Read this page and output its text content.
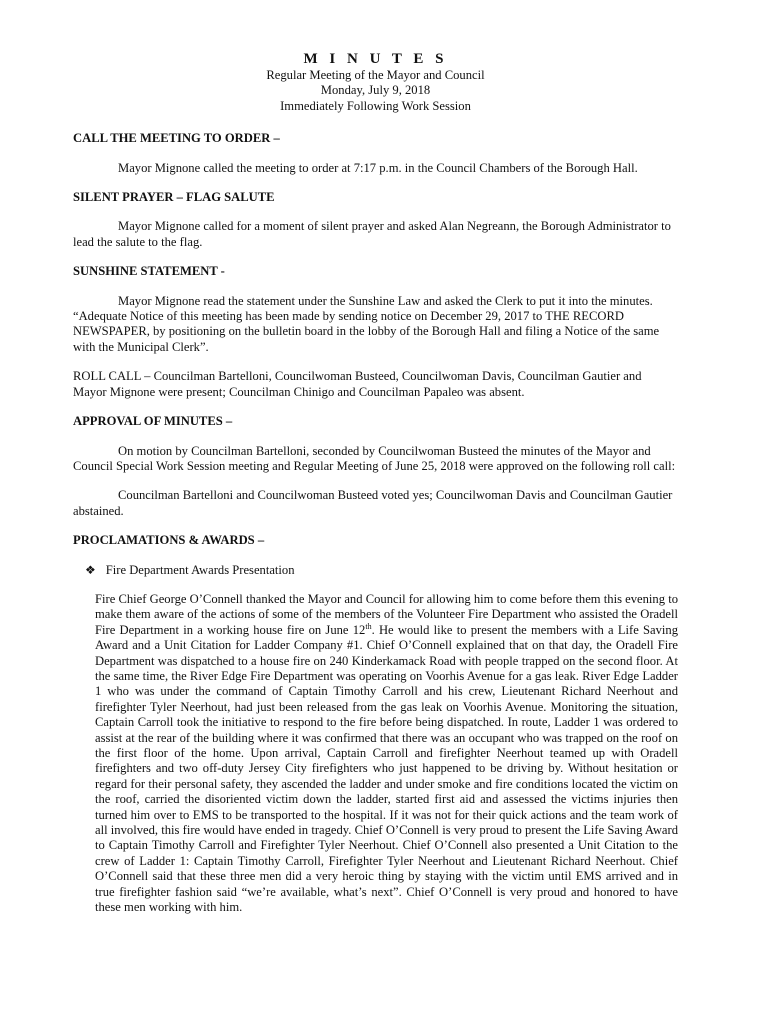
M I N U T E S

Regular Meeting of the Mayor and Council

Monday, July 9, 2018

Immediately Following Work Session

CALL THE MEETING TO ORDER –

Mayor Mignone called the meeting to order at 7:17 p.m. in the Council Chambers of the Borough Hall.

SILENT PRAYER – FLAG SALUTE

Mayor Mignone called for a moment of silent prayer and asked Alan Negreann, the Borough Administrator to lead the salute to the flag.

SUNSHINE STATEMENT -

Mayor Mignone read the statement under the Sunshine Law and asked the Clerk to put it into the minutes. “Adequate Notice of this meeting has been made by sending notice on December 29, 2017 to THE RECORD NEWSPAPER, by positioning on the bulletin board in the lobby of the Borough Hall and filing a Notice of the same with the Municipal Clerk”.

ROLL CALL – Councilman Bartelloni, Councilwoman Busteed, Councilwoman Davis, Councilman Gautier and Mayor Mignone were present; Councilman Chinigo and Councilman Papaleo was absent.

APPROVAL OF MINUTES –

On motion by Councilman Bartelloni, seconded by Councilwoman Busteed the minutes of the Mayor and Council Special Work Session meeting and Regular Meeting of June 25, 2018 were approved on the following roll call:

Councilman Bartelloni and Councilwoman Busteed voted yes; Councilwoman Davis and Councilman Gautier abstained.

PROCLAMATIONS & AWARDS –

❖ Fire Department Awards Presentation

Fire Chief George O’Connell thanked the Mayor and Council for allowing him to come before them this evening to make them aware of the actions of some of the members of the Volunteer Fire Department who assisted the Oradell Fire Department in a working house fire on June 12th. He would like to present the members with a Life Saving Award and a Unit Citation for Ladder Company #1. Chief O’Connell explained that on that day, the Oradell Fire Department was dispatched to a house fire on 240 Kinderkamack Road with people trapped on the second floor. At the same time, the River Edge Fire Department was operating on Voorhis Avenue for a gas leak. River Edge Ladder 1 who was under the command of Captain Timothy Carroll and his crew, Lieutenant Richard Neerhout and firefighter Tyler Neerhout, had just been released from the gas leak on Voorhis Avenue. Monitoring the situation, Captain Carroll took the initiative to respond to the fire before being dispatched. In route, Ladder 1 was ordered to assist at the rear of the building where it was confirmed that there was an occupant who was trapped on the roof on the first floor of the home. Upon arrival, Captain Carroll and firefighter Neerhout teamed up with Oradell firefighters and two off-duty Jersey City firefighters who just happened to be driving by. Without hesitation or regard for their personal safety, they ascended the ladder and under smoke and fire conditions located the victim on the roof, carried the disoriented victim down the ladder, started first aid and assessed the victims injuries then turned him over to EMS to be transported to the hospital. If it was not for their quick actions and the team work of all involved, this fire would have ended in tragedy. Chief O’Connell is very proud to present the Life Saving Award to Captain Timothy Carroll and Firefighter Tyler Neerhout. Chief O’Connell also presented a Unit Citation to the crew of Ladder 1: Captain Timothy Carroll, Firefighter Tyler Neerhout and Lieutenant Richard Neerhout. Chief O’Connell said that these three men did a very heroic thing by staying with the victim until EMS arrived and in true firefighter fashion said “we’re available, what’s next”. Chief O’Connell is very proud and honored to have these men working with him.
